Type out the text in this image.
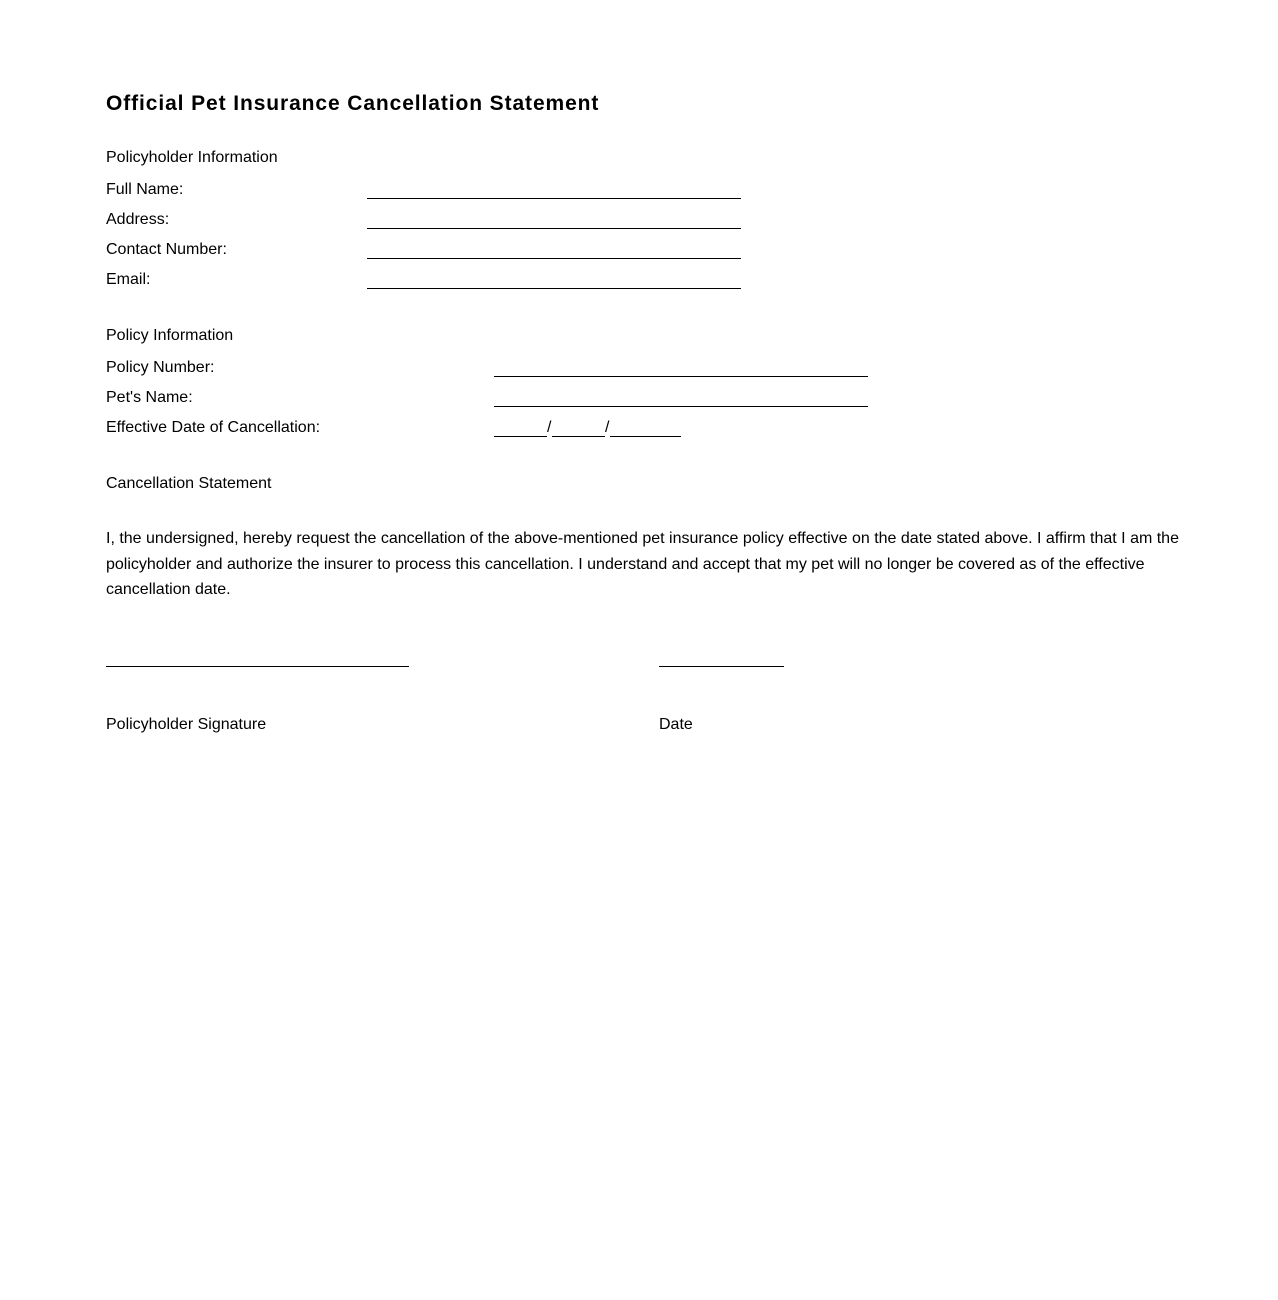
Official Pet Insurance Cancellation Statement
Policyholder Information
Full Name:
Address:
Contact Number:
Email:
Policy Information
Policy Number:
Pet's Name:
Effective Date of Cancellation:	/	/
Cancellation Statement
I, the undersigned, hereby request the cancellation of the above-mentioned pet insurance policy effective on the date stated above. I affirm that I am the policyholder and authorize the insurer to process this cancellation. I understand and accept that my pet will no longer be covered as of the effective cancellation date.
Policyholder Signature	Date
